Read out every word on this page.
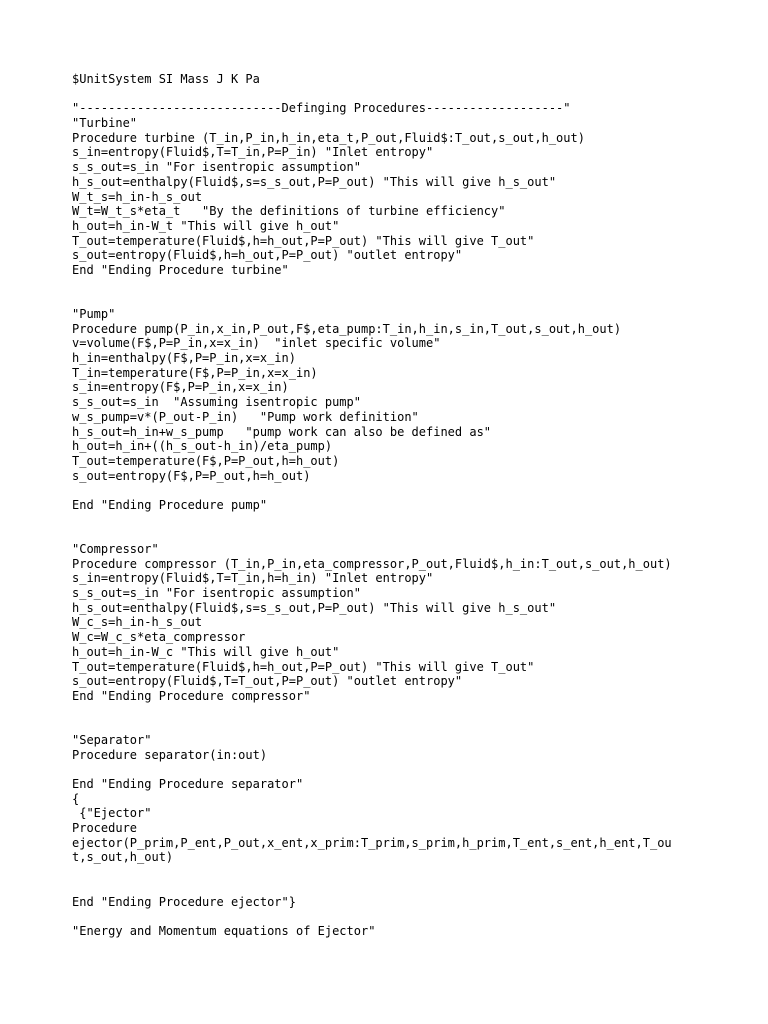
$UnitSystem SI Mass J K Pa
"----------------------------Definging Procedures-------------------"
"Turbine"
Procedure turbine (T_in,P_in,h_in,eta_t,P_out,Fluid$:T_out,s_out,h_out)
s_in=entropy(Fluid$,T=T_in,P=P_in) "Inlet entropy"
s_s_out=s_in "For isentropic assumption"
h_s_out=enthalpy(Fluid$,s=s_s_out,P=P_out) "This will give h_s_out"
W_t_s=h_in-h_s_out
W_t=W_t_s*eta_t   "By the definitions of turbine efficiency"
h_out=h_in-W_t "This will give h_out"
T_out=temperature(Fluid$,h=h_out,P=P_out) "This will give T_out"
s_out=entropy(Fluid$,h=h_out,P=P_out) "outlet entropy"
End "Ending Procedure turbine"
"Pump"
Procedure pump(P_in,x_in,P_out,F$,eta_pump:T_in,h_in,s_in,T_out,s_out,h_out)
v=volume(F$,P=P_in,x=x_in)  "inlet specific volume"
h_in=enthalpy(F$,P=P_in,x=x_in)
T_in=temperature(F$,P=P_in,x=x_in)
s_in=entropy(F$,P=P_in,x=x_in)
s_s_out=s_in  "Assuming isentropic pump"
w_s_pump=v*(P_out-P_in)   "Pump work definition"
h_s_out=h_in+w_s_pump   "pump work can also be defined as"
h_out=h_in+((h_s_out-h_in)/eta_pump)
T_out=temperature(F$,P=P_out,h=h_out)
s_out=entropy(F$,P=P_out,h=h_out)
End "Ending Procedure pump"
"Compressor"
Procedure compressor (T_in,P_in,eta_compressor,P_out,Fluid$,h_in:T_out,s_out,h_out)
s_in=entropy(Fluid$,T=T_in,h=h_in) "Inlet entropy"
s_s_out=s_in "For isentropic assumption"
h_s_out=enthalpy(Fluid$,s=s_s_out,P=P_out) "This will give h_s_out"
W_c_s=h_in-h_s_out
W_c=W_c_s*eta_compressor
h_out=h_in-W_c "This will give h_out"
T_out=temperature(Fluid$,h=h_out,P=P_out) "This will give T_out"
s_out=entropy(Fluid$,T=T_out,P=P_out) "outlet entropy"
End "Ending Procedure compressor"
"Separator"
Procedure separator(in:out)
End "Ending Procedure separator"
{
{"Ejector"
Procedure
ejector(P_prim,P_ent,P_out,x_ent,x_prim:T_prim,s_prim,h_prim,T_ent,s_ent,h_ent,T_ou
t,s_out,h_out)
End "Ending Procedure ejector"}
"Energy and Momentum equations of Ejector"
